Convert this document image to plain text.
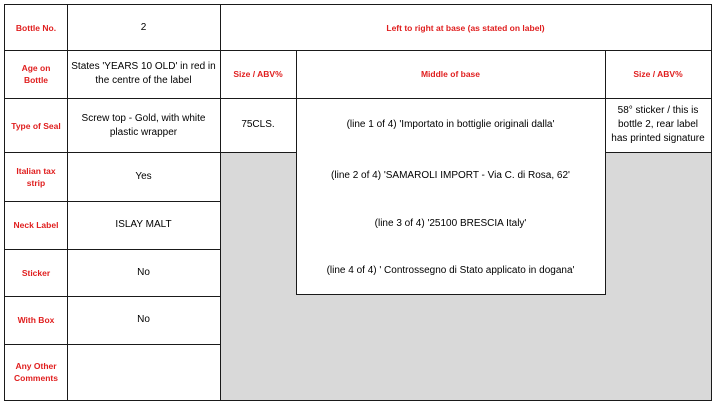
Bottle No.
Age on Bottle
Type of Seal
Italian tax strip
Neck Label
Sticker
With Box
Any Other Comments
2
States 'YEARS 10 OLD' in red in the centre of the label
Screw top - Gold, with white plastic wrapper
Yes
ISLAY MALT
No
No
Left to right at base (as stated on label)
Size / ABV%	Middle of base	Size / ABV%
75CLS.
58° sticker / this is bottle 2, rear label has printed signature
(line 1 of 4) 'Importato in bottiglie originali dalla'
(line 2 of 4) 'SAMAROLI IMPORT - Via C. di Rosa, 62'
(line 3 of 4) '25100 BRESCIA Italy'
(line 4 of 4) ' Controssegno di Stato applicato in dogana'
